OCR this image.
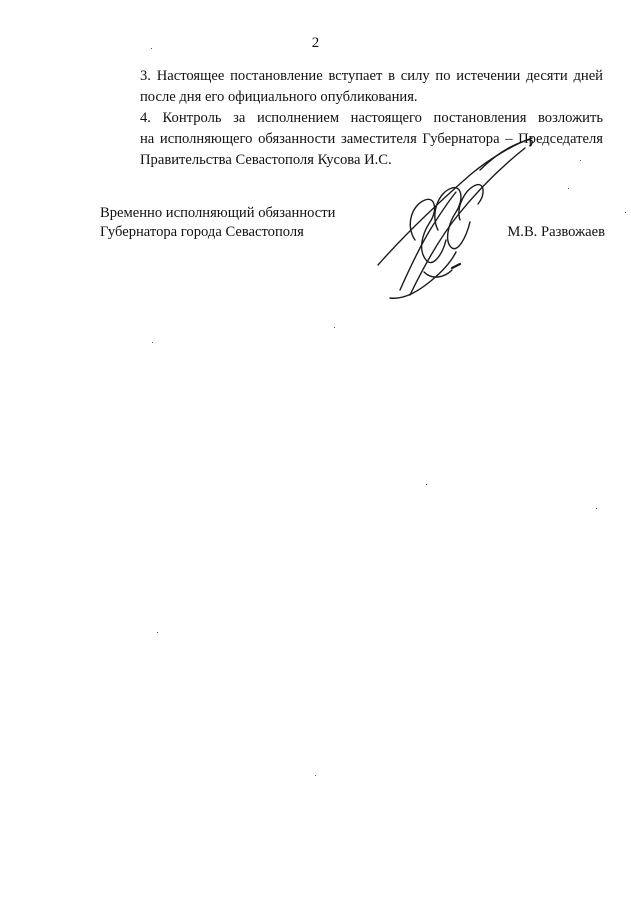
2

3. Настоящее постановление вступает в силу по истечении десяти дней
после дня его официального опубликования.

4. Контроль за исполнением настоящего постановления возложить
на исполняющего обязанности заместителя Губернатора – Председателя
Правительства Севастополя Кусова И.С.

Временно исполняющий обязанности
Губернатора города Севастополя	М.В. Развожаев
